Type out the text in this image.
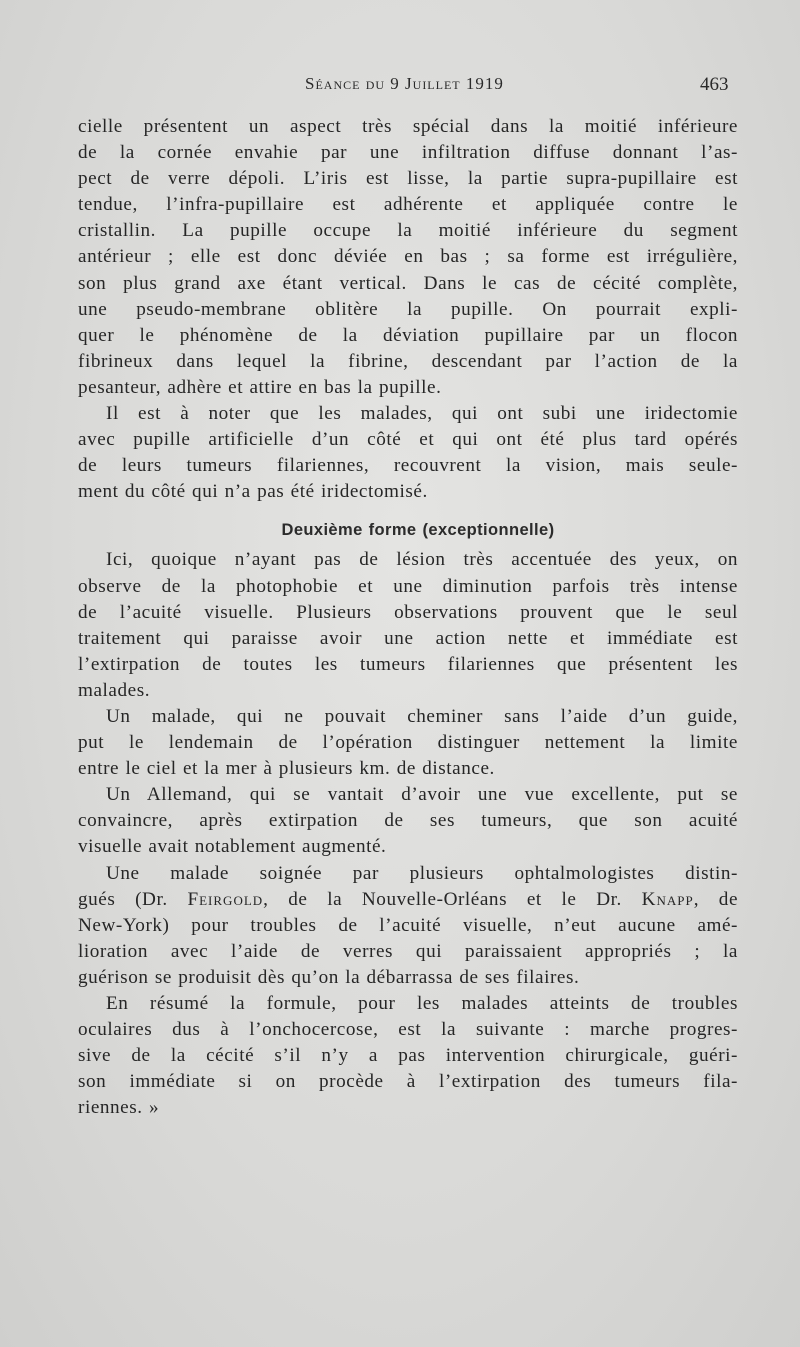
Séance du 9 Juillet 1919	463
cielle présentent un aspect très spécial dans la moitié inférieure
de la cornée envahie par une infiltration diffuse donnant l’as-
pect de verre dépoli. L’iris est lisse, la partie supra-pupillaire est
tendue, l’infra-pupillaire est adhérente et appliquée contre le
cristallin. La pupille occupe la moitié inférieure du segment
antérieur ; elle est donc déviée en bas ; sa forme est irrégulière,
son plus grand axe étant vertical. Dans le cas de cécité complète,
une pseudo-membrane oblitère la pupille. On pourrait expli-
quer le phénomène de la déviation pupillaire par un flocon
fibrineux dans lequel la fibrine, descendant par l’action de la
pesanteur, adhère et attire en bas la pupille.
Il est à noter que les malades, qui ont subi une iridectomie
avec pupille artificielle d’un côté et qui ont été plus tard opérés
de leurs tumeurs filariennes, recouvrent la vision, mais seule-
ment du côté qui n’a pas été iridectomisé.
Deuxième forme (exceptionnelle)
Ici, quoique n’ayant pas de lésion très accentuée des yeux, on
observe de la photophobie et une diminution parfois très intense
de l’acuité visuelle. Plusieurs observations prouvent que le seul
traitement qui paraisse avoir une action nette et immédiate est
l’extirpation de toutes les tumeurs filariennes que présentent les
malades.
Un malade, qui ne pouvait cheminer sans l’aide d’un guide,
put le lendemain de l’opération distinguer nettement la limite
entre le ciel et la mer à plusieurs km. de distance.
Un Allemand, qui se vantait d’avoir une vue excellente, put se
convaincre, après extirpation de ses tumeurs, que son acuité
visuelle avait notablement augmenté.
Une malade soignée par plusieurs ophtalmologistes distin-
gués (Dr. Feirgold, de la Nouvelle-Orléans et le Dr. Knapp, de
New-York) pour troubles de l’acuité visuelle, n’eut aucune amé-
lioration avec l’aide de verres qui paraissaient appropriés ; la
guérison se produisit dès qu’on la débarrassa de ses filaires.
En résumé la formule, pour les malades atteints de troubles
oculaires dus à l’onchocercose, est la suivante : marche progres-
sive de la cécité s’il n’y a pas intervention chirurgicale, guéri-
son immédiate si on procède à l’extirpation des tumeurs fila-
riennes. »
